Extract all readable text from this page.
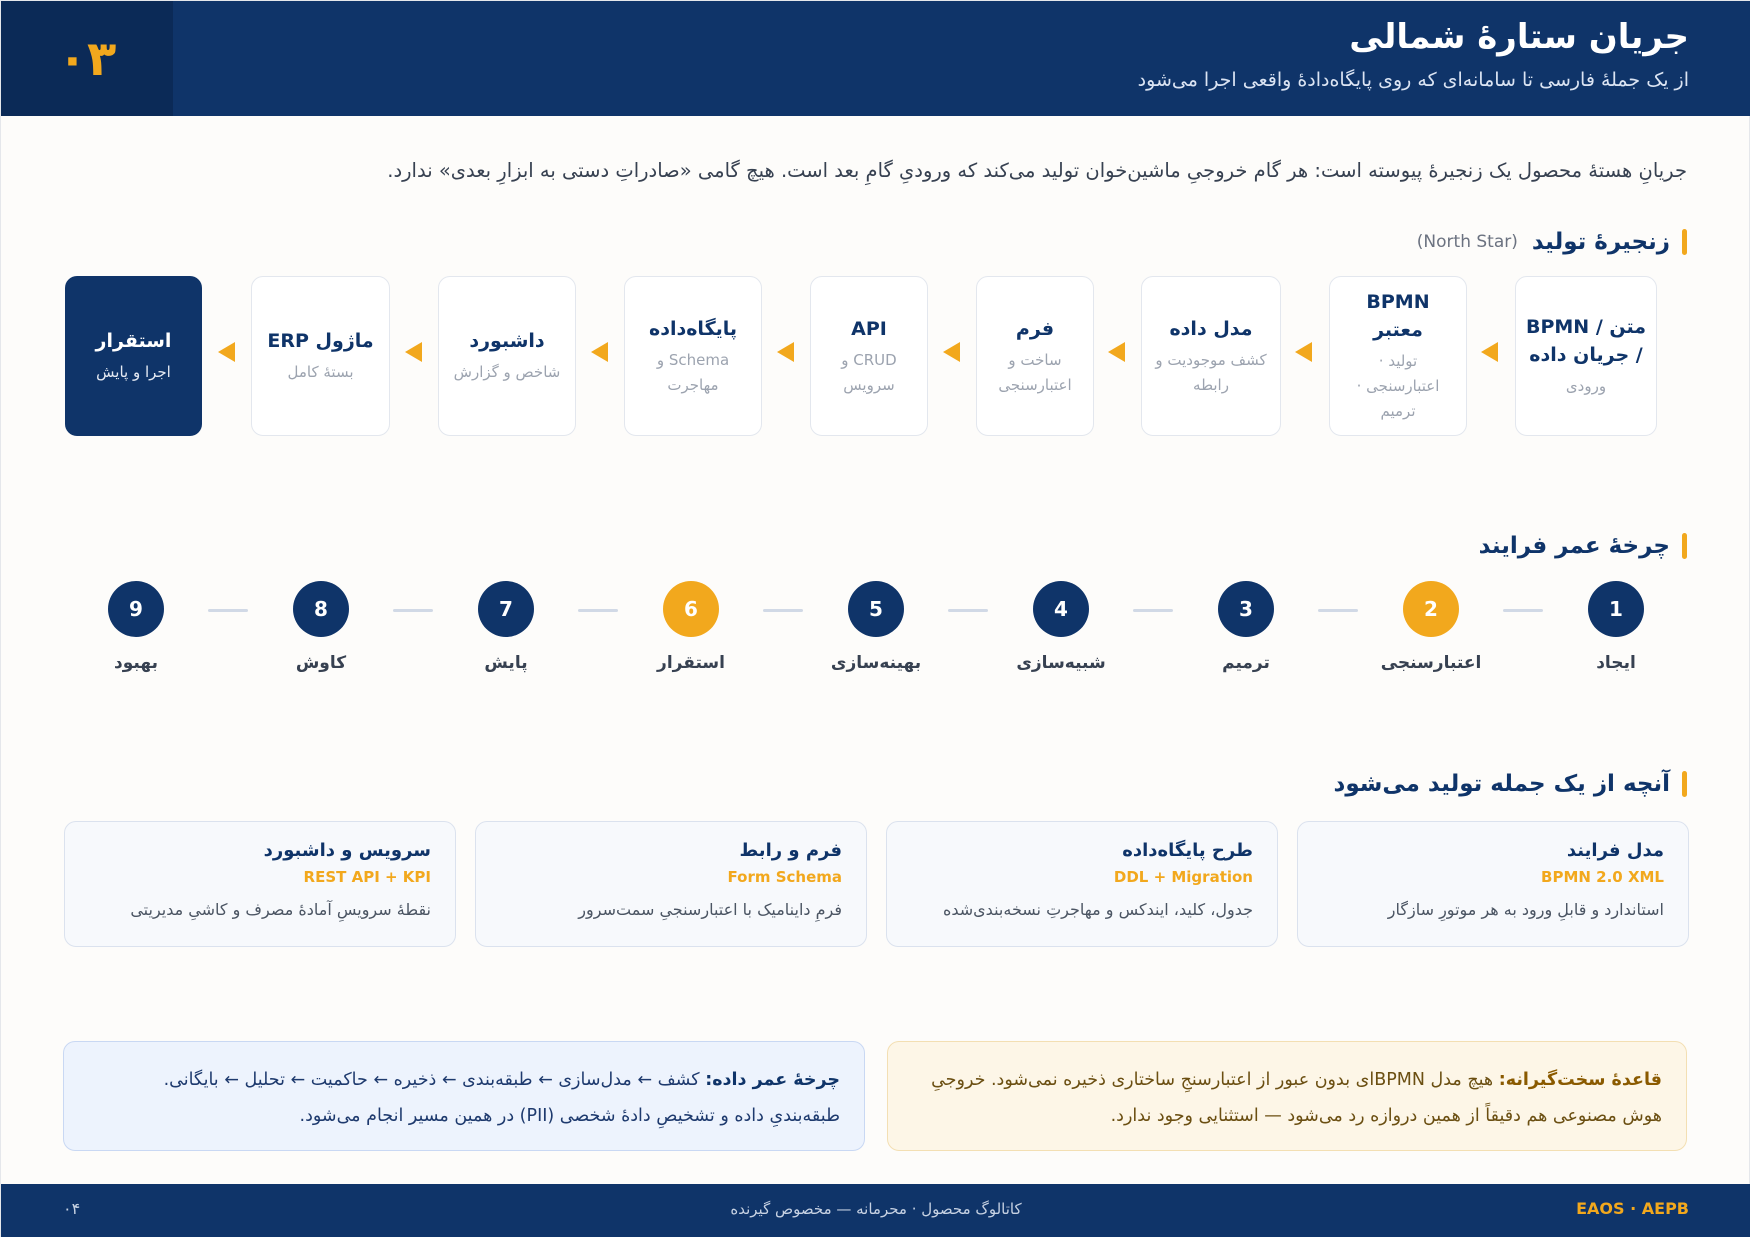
۰۳	جریان ستارهٔ شمالی
از یک جملهٔ فارسی تا سامانه‌ای که روی پایگاه‌دادهٔ واقعی اجرا می‌شود

جریانِ هستهٔ محصول یک زنجیرهٔ پیوسته است: هر گام خروجیِ ماشین‌خوان تولید می‌کند که ورودیِ گامِ بعد است. هیچ گامی «صادراتِ دستی به ابزارِ بعدی» ندارد.

زنجیرهٔ تولید
(North Star)
متن / BPMN / جریان داده
ورودی
BPMN معتبر
تولید · اعتبارسنجی · ترمیم
مدل داده
کشف موجودیت و رابطه
فرم
ساخت و اعتبارسنجی
API
CRUD و سرویس
پایگاه‌داده
Schema و مهاجرت
داشبورد
شاخص و گزارش
ماژول ERP
بستهٔ کامل
استقرار
اجرا و پایش
چرخهٔ عمر فرایند
1
ایجاد
2
اعتبارسنجی
3
ترمیم
4
شبیه‌سازی
5
بهینه‌سازی
6
استقرار
7
پایش
8
کاوش
9
بهبود
آنچه از یک جمله تولید می‌شود
مدل فرایند
BPMN 2.0 XML
استاندارد و قابلِ ورود به هر موتورِ سازگار
طرح پایگاه‌داده
DDL + Migration
جدول، کلید، ایندکس و مهاجرتِ نسخه‌بندی‌شده
فرم و رابط
Form Schema
فرمِ داینامیک با اعتبارسنجیِ سمت‌سرور
سرویس و داشبورد
REST API + KPI
نقطهٔ سرویسِ آمادهٔ مصرف و کاشیِ مدیریتی
قاعدهٔ سخت‌گیرانه: هیچ مدل BPMNای بدون عبور از اعتبارسنجِ ساختاری ذخیره نمی‌شود. خروجیِ
هوش مصنوعی هم دقیقاً از همین دروازه رد می‌شود — استثنایی وجود ندارد.
چرخهٔ عمر داده: کشف ← مدل‌سازی ← طبقه‌بندی ← ذخیره ← حاکمیت ← تحلیل ← بایگانی.
طبقه‌بندیِ داده و تشخیصِ دادهٔ شخصی (PII) در همین مسیر انجام می‌شود.
کاتالوگ محصول · محرمانه — مخصوص گیرنده	EAOS · AEPB
۰۴
